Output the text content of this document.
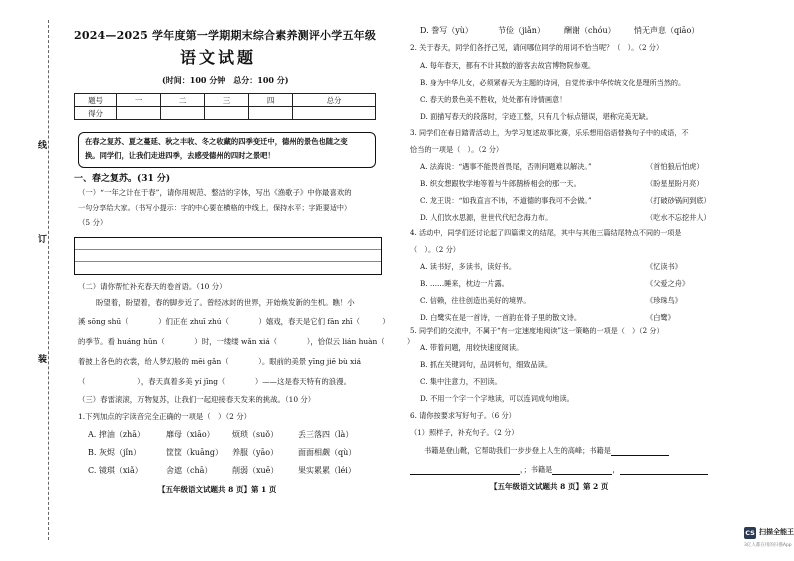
线
订
装
2024—2025 学年度第一学期期末综合素养测评小学五年级
语文试题
(时间：100 分钟　总分：100 分)
题号	一	二	三	四	总分
得分					
在春之复苏、夏之蔓延、秋之丰收、冬之收藏的四季变迁中，德州的景色也随之变
换。同学们，让我们走进四季，去感受德州的四时之景吧！
一、春之复苏。(31 分)
（一）“一年之计在于春”，请你用规范、整洁的字体，写出《渔歌子》中你最喜欢的
一句分享给大家。（书写小提示：字的中心要在横格的中线上，保持水平；字距要适中）
（5 分）
（二）请你帮忙补充春天的卷首语。（10 分）
盼望着，盼望着，春的脚步近了。曾经冰封的世界，开始焕发新的生机。瞧！小
溪 sōng shū（　　　　）们正在 zhuī zhú（　　　　）嬉戏，春天是它们 fān zhī（　　　）
的季节。看 huáng hūn（　　　　）时，一缕缕 wǎn xiá（　　　　），恰似云 lián huàn（　　　）
着披上各色的衣裳，给人梦幻般的 mēi gǎn（　　　　）。眼前的美景 yīng jiē bù xiá
（　　　　　　　），春天真着多美 yí jīng（　　　　）——这是春天特有的浪漫。
（三）春雷滚滚，万物复苏，让我们一起迎接春天发来的挑战。（10 分）
1.下列加点的字读音完全正确的一项是（　）（2 分）
A. 搾油（zhā）	靡母（xiāo） 烦琐（suǒ） 丢三落四（là）
B. 灰烬（jǐn）	筐筐（kuāng） 养服（yāo） 面面相觑（qù）
C. 镜琪（xiǎ）	舍遮（chā） 削弱（xuē） 果实累累（léi）
【五年级语文试题共 8 页】第 1 页
D. 誊写（yù）	节俭（jiǎn） 酬谢（chóu） 悄无声息（qiāo）
2. 关于春天，同学们各抒己见，请问哪位同学的用词不恰当呢？（　）。（2 分）
A. 每年春天，都有不计其数的游客去故宫博物院参观。
B. 身为中华儿女，必须紧春天为主题的诗词，自觉传承中华传统文化是理所当然的。
C. 春天的景色美不胜收，处处都有诗情画意！
D. 面描写春天的段落时，字迹工整，只有几个标点错误，堪称完美无缺。
3. 同学们在春日踏青活动上，为学习复述故事比赛，乐乐想用俗语替换句子中的成语，不
恰当的一项是（　）。（2 分）
A. 法海说：“遇事不能畏首畏尾，否则问题难以解决。”	（首怕狼后怕虎）
B. 织女想跟牧学地等着与牛郎鹊桥相会的那一天。	（盼星星盼月亮）
C. 龙王说：“如我直言不讳，不道德的事我可不会做。”	（打破砂锅问到底）
D. 人们饮水思源，世世代代纪念海力布。	（吃水不忘挖井人）
4. 活动中，同学们还讨论起了四篇课文的结尾，其中与其他三篇结尾特点不同的一项是
（　）。（2 分）
A. 读书好，多读书，读好书。	《忆读书》
B. ……睡来，枕边一片露。	《父爱之舟》
C. 信赖，往往创造出美好的境界。	《珍珠鸟》
D. 白鹭实在是一首诗，一首韵在骨子里的散文诗。	《白鹭》
5. 同学们的交流中，不属于“有一定速度地阅读”这一策略的一项是（　）（2 分）
A. 带着问题，用较快速度阅读。
B. 抓在关键词句，品词析句，细致品读。
C. 集中注意力，不回读。
D. 不用一个字一个字地读，可以连词成句地读。
6. 请你按要求写好句子。（6 分）
（1）照样子，补充句子。（2 分）
书籍是登山靴，它帮助我们一步步登上人生的高峰；书籍是
，；书籍是	，
【五年级语文试题共 8 页】第 2 页
CS 扫描全能王
3亿人都在用的扫描App
